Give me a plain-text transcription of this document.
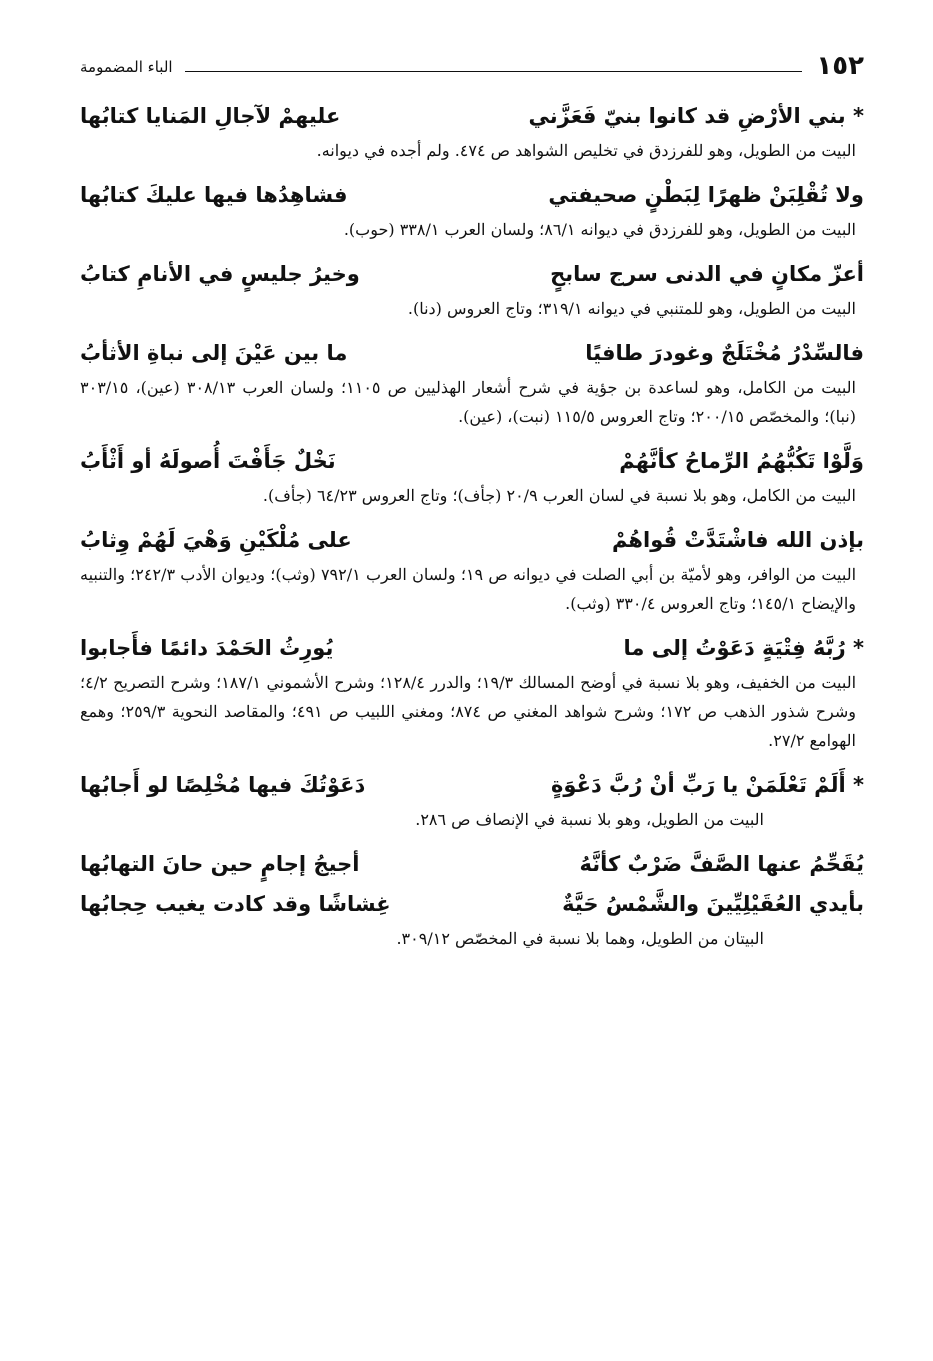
١٥٢
الباء المضمومة
* بني الأرْضِ قد كانوا بنيّ فَعَزَّني
عليهمْ لآجالِ المَنايا كتابُها
البيت من الطويل، وهو للفرزدق في تخليص الشواهد ص ٤٧٤. ولم أجده في ديوانه.
ولا تُقْلِبَنْ ظهرًا لِبَطْنٍ صحيفتي
فشاهِدُها فيها عليكَ كتابُها
البيت من الطويل، وهو للفرزدق في ديوانه ٨٦/١؛ ولسان العرب ٣٣٨/١ (حوب).
أعزّ مكانٍ في الدنى سرج سابحٍ
وخيرُ جليسٍ في الأنامِ كتابُ
البيت من الطويل، وهو للمتنبي في ديوانه ٣١٩/١؛ وتاج العروس (دنا).
فالسِّدْرُ مُخْتَلَجٌ وغودرَ طافيًا
ما بين عَيْنَ إلى نباةِ الأثأبُ
البيت من الكامل، وهو لساعدة بن جؤية في شرح أشعار الهذليين ص ١١٠٥؛ ولسان العرب ٣٠٨/١٣ (عين)، ٣٠٣/١٥ (نبا)؛ والمخصّص ٢٠٠/١٥؛ وتاج العروس ١١٥/٥ (نبت)، (عين).
وَلَّوْا تَكُبُّهُمُ الرِّماحُ كأنَّهُمْ
نَخْلٌ جَأَفْتَ أُصولَهُ أو أَثْأَبُ
البيت من الكامل، وهو بلا نسبة في لسان العرب ٢٠/٩ (جأف)؛ وتاج العروس ٦٤/٢٣ (جأف).
بإذن الله فاشْتَدَّتْ قُواهُمْ
على مُلْكَيْنِ وَهْيَ لَهُمْ وِثابُ
البيت من الوافر، وهو لأميّة بن أبي الصلت في ديوانه ص ١٩؛ ولسان العرب ٧٩٢/١ (وثب)؛ وديوان الأدب ٢٤٢/٣؛ والتنبيه والإيضاح ١٤٥/١؛ وتاج العروس ٣٣٠/٤ (وثب).
* رُبَّهُ فِتْيَةٍ دَعَوْتُ إلى ما
يُورِثُ الحَمْدَ دائمًا فأَجابوا
البيت من الخفيف، وهو بلا نسبة في أوضح المسالك ١٩/٣؛ والدرر ١٢٨/٤؛ وشرح الأشموني ١٨٧/١؛ وشرح التصريح ٤/٢؛ وشرح شذور الذهب ص ١٧٢؛ وشرح شواهد المغني ص ٨٧٤؛ ومغني اللبيب ص ٤٩١؛ والمقاصد النحوية ٢٥٩/٣؛ وهمع الهوامع ٢٧/٢.
* أَلَمْ تَعْلَمَنْ يا رَبِّ أنْ رُبَّ دَعْوَةٍ
دَعَوْتُكَ فيها مُخْلِصًا لو أَجابُها
البيت من الطويل، وهو بلا نسبة في الإنصاف ص ٢٨٦.
يُقَحِّمُ عنها الصَّفَّ ضَرْبٌ كأنَّهُ
أجيجُ إجامٍ حين حانَ التهابُها
بأيدي العُقَيْلِيِّينَ والشَّمْسُ حَيَّةٌ
غِشاشًا وقد كادت يغيب حِجابُها
البيتان من الطويل، وهما بلا نسبة في المخصّص ٣٠٩/١٢.
